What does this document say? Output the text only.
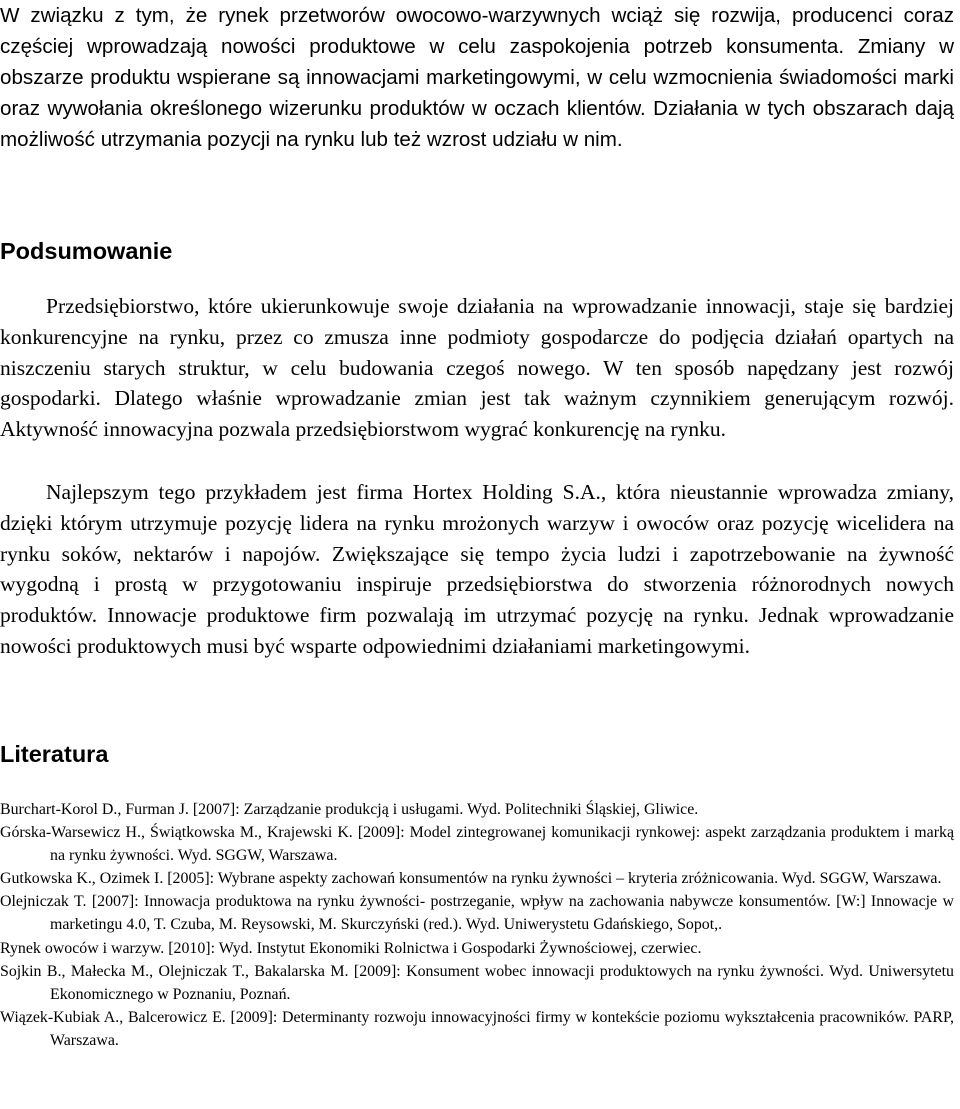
W związku z tym, że rynek przetworów owocowo-warzywnych wciąż się rozwija, producenci coraz częściej wprowadzają nowości produktowe w celu zaspokojenia potrzeb konsumenta. Zmiany w obszarze produktu wspierane są innowacjami marketingowymi, w celu wzmocnienia świadomości marki oraz wywołania określonego wizerunku produktów w oczach klientów. Działania w tych obszarach dają możliwość utrzymania pozycji na rynku lub też wzrost udziału w nim.

Podsumowanie

Przedsiębiorstwo, które ukierunkowuje swoje działania na wprowadzanie innowacji, staje się bardziej konkurencyjne na rynku, przez co zmusza inne podmioty gospodarcze do podjęcia działań opartych na niszczeniu starych struktur, w celu budowania czegoś nowego. W ten sposób napędzany jest rozwój gospodarki. Dlatego właśnie wprowadzanie zmian jest tak ważnym czynnikiem generującym rozwój. Aktywność innowacyjna pozwala przedsiębiorstwom wygrać konkurencję na rynku.

Najlepszym tego przykładem jest firma Hortex Holding S.A., która nieustannie wprowadza zmiany, dzięki którym utrzymuje pozycję lidera na rynku mrożonych warzyw i owoców oraz pozycję wicelidera na rynku soków, nektarów i napojów. Zwiększające się tempo życia ludzi i zapotrzebowanie na żywność wygodną i prostą w przygotowaniu inspiruje przedsiębiorstwa do stworzenia różnorodnych nowych produktów. Innowacje produktowe firm pozwalają im utrzymać pozycję na rynku. Jednak wprowadzanie nowości produktowych musi być wsparte odpowiednimi działaniami marketingowymi.

Literatura

Burchart-Korol D., Furman J. [2007]: Zarządzanie produkcją i usługami. Wyd. Politechniki Śląskiej, Gliwice.

Górska-Warsewicz H., Świątkowska M., Krajewski K. [2009]: Model zintegrowanej komunikacji rynkowej: aspekt zarządzania produktem i marką na rynku żywności. Wyd. SGGW, Warszawa.

Gutkowska K., Ozimek I. [2005]: Wybrane aspekty zachowań konsumentów na rynku żywności – kryteria zróżnicowania. Wyd. SGGW, Warszawa.

Olejniczak T. [2007]: Innowacja produktowa na rynku żywności- postrzeganie, wpływ na zachowania nabywcze konsumentów. [W:] Innowacje w marketingu 4.0, T. Czuba, M. Reysowski, M. Skurczyński (red.). Wyd. Uniwerystetu Gdańskiego, Sopot,.

Rynek owoców i warzyw. [2010]: Wyd. Instytut Ekonomiki Rolnictwa i Gospodarki Żywnościowej, czerwiec.

Sojkin B., Małecka M., Olejniczak T., Bakalarska M. [2009]: Konsument wobec innowacji produktowych na rynku żywności. Wyd. Uniwersytetu Ekonomicznego w Poznaniu, Poznań.

Wiązek-Kubiak A., Balcerowicz E. [2009]: Determinanty rozwoju innowacyjności firmy w kontekście poziomu wykształcenia pracowników. PARP, Warszawa.
